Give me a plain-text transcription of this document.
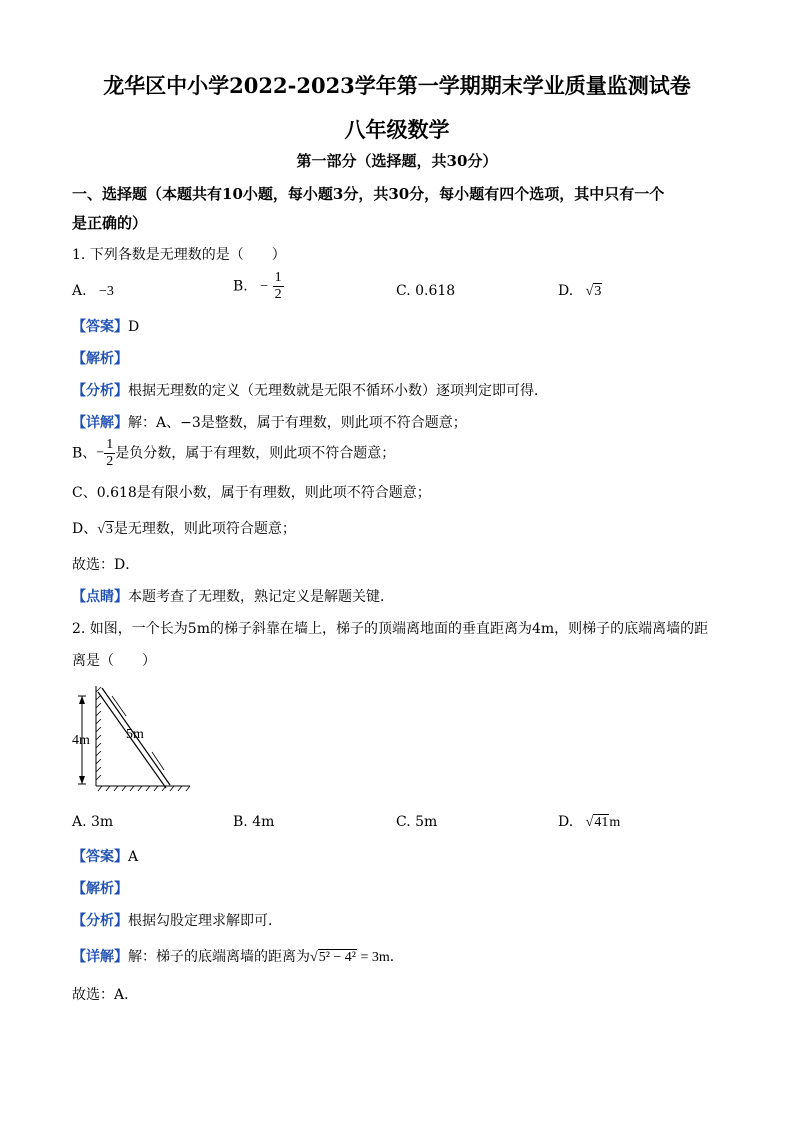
龙华区中小学2022-2023学年第一学期期末学业质量监测试卷
八年级数学
第一部分（选择题，共30分）
一、选择题（本题共有10小题，每小题3分，共30分，每小题有四个选项，其中只有一个
是正确的）
1. 下列各数是无理数的是（　　）
A. −3	B. − $\frac{1}{2}$	C. 0.618	D. √3
【答案】D
【解析】
【分析】根据无理数的定义（无理数就是无限不循环小数）逐项判定即可得．
【详解】解：A、−3是整数，属于有理数，则此项不符合题意；
B、− $\frac{1}{2}$ 是负分数，属于有理数，则此项不符合题意；
C、0.618是有限小数，属于有理数，则此项不符合题意；
D、√3是无理数，则此项符合题意；
故选：D．
【点睛】本题考查了无理数，熟记定义是解题关键．
2. 如图，一个长为5m的梯子斜靠在墙上，梯子的顶端离地面的垂直距离为4m，则梯子的底端离墙的距
离是（　　）
4m	5m
A. 3m	B. 4m	C. 5m	D. √41m
【答案】A
【解析】
【分析】根据勾股定理求解即可．
【详解】解：梯子的底端离墙的距离为√5² − 4² = 3m．
故选：A．
